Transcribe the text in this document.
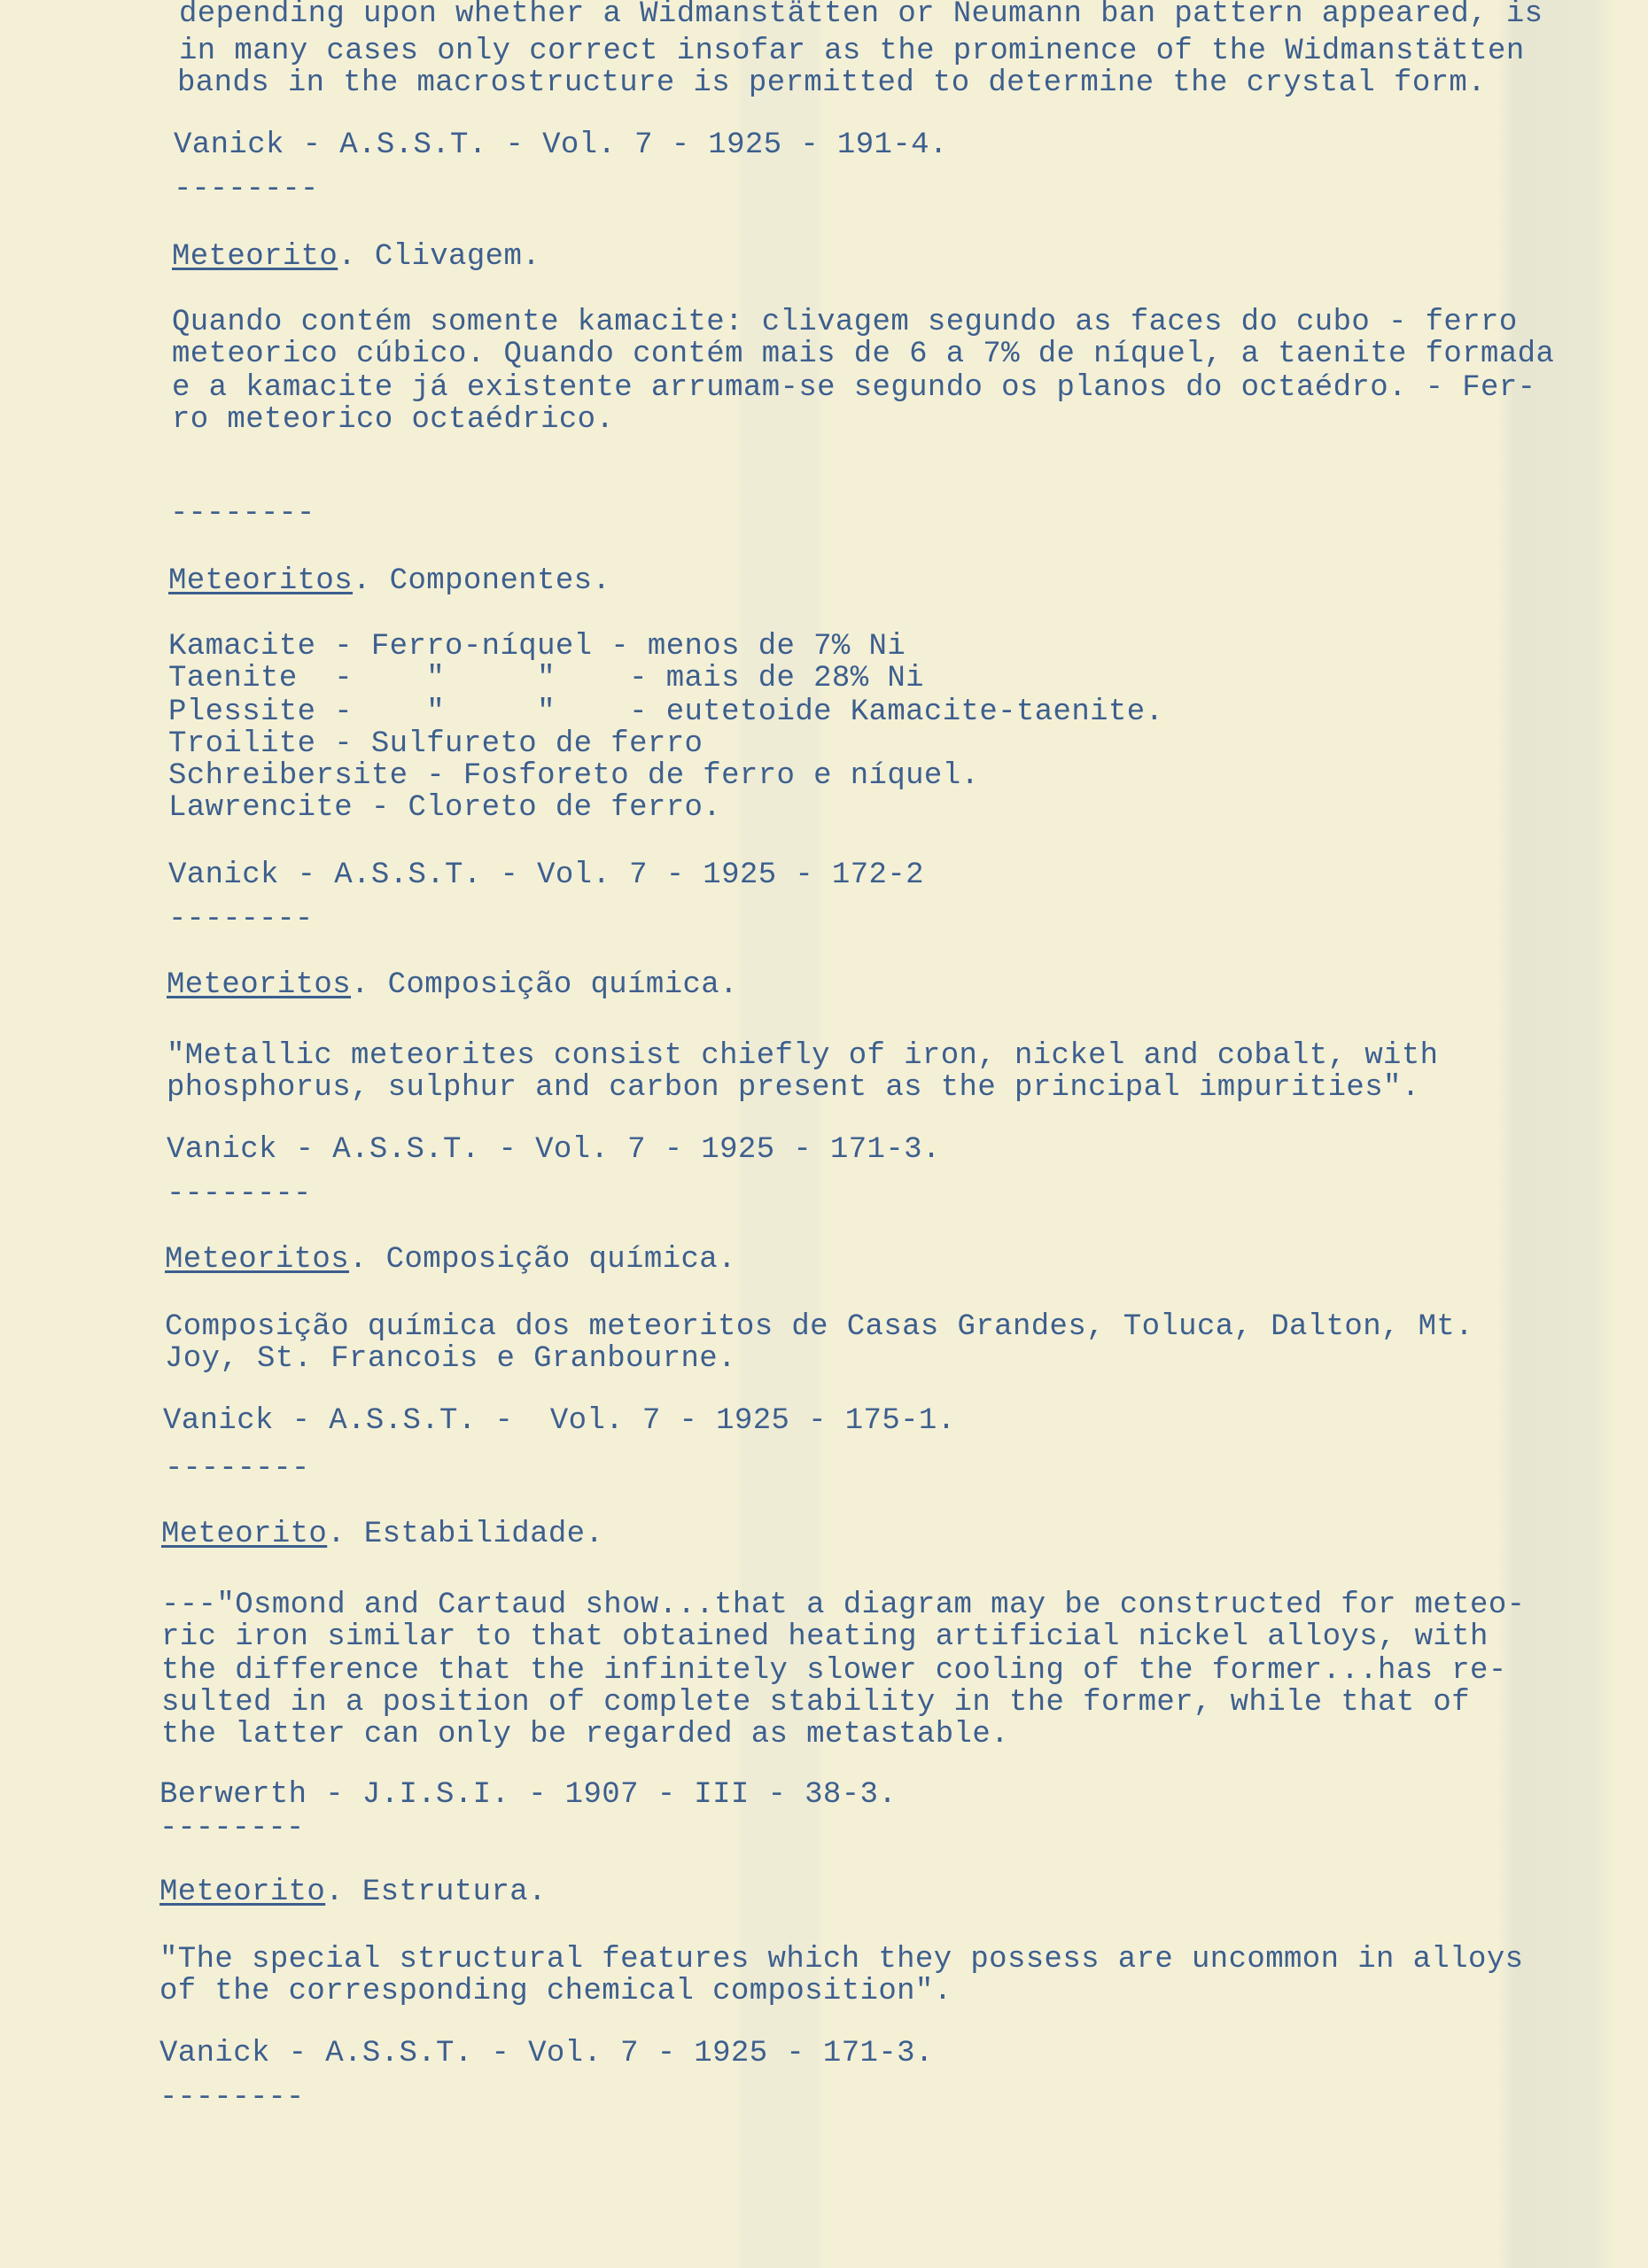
depending upon whether a Widmanstätten or Neumann ban pattern appeared, is
in many cases only correct insofar as the prominence of the Widmanstätten
bands in the macrostructure is permitted to determine the crystal form.
Vanick - A.S.S.T. - Vol. 7 - 1925 - 191-4.
--------
Meteorito. Clivagem.
Quando contém somente kamacite: clivagem segundo as faces do cubo - ferro
meteorico cúbico. Quando contém mais de 6 a 7% de níquel, a taenite formada
e a kamacite já existente arrumam-se segundo os planos do octaédro. - Fer-
ro meteorico octaédrico.
--------
Meteoritos. Componentes.
Kamacite - Ferro-níquel - menos de 7% Ni
Taenite  -    "     "    - mais de 28% Ni
Plessite -    "     "    - eutetoide Kamacite-taenite.
Troilite - Sulfureto de ferro
Schreibersite - Fosforeto de ferro e níquel.
Lawrencite - Cloreto de ferro.
Vanick - A.S.S.T. - Vol. 7 - 1925 - 172-2
--------
Meteoritos. Composição química.
"Metallic meteorites consist chiefly of iron, nickel and cobalt, with
phosphorus, sulphur and carbon present as the principal impurities".
Vanick - A.S.S.T. - Vol. 7 - 1925 - 171-3.
--------
Meteoritos. Composição química.
Composição química dos meteoritos de Casas Grandes, Toluca, Dalton, Mt.
Joy, St. Francois e Granbourne.
Vanick - A.S.S.T. -  Vol. 7 - 1925 - 175-1.
--------
Meteorito. Estabilidade.
---"Osmond and Cartaud show...that a diagram may be constructed for meteo-
ric iron similar to that obtained heating artificial nickel alloys, with
the difference that the infinitely slower cooling of the former...has re-
sulted in a position of complete stability in the former, while that of
the latter can only be regarded as metastable.
Berwerth - J.I.S.I. - 1907 - III - 38-3.
--------
Meteorito. Estrutura.
"The special structural features which they possess are uncommon in alloys
of the corresponding chemical composition".
Vanick - A.S.S.T. - Vol. 7 - 1925 - 171-3.
--------
